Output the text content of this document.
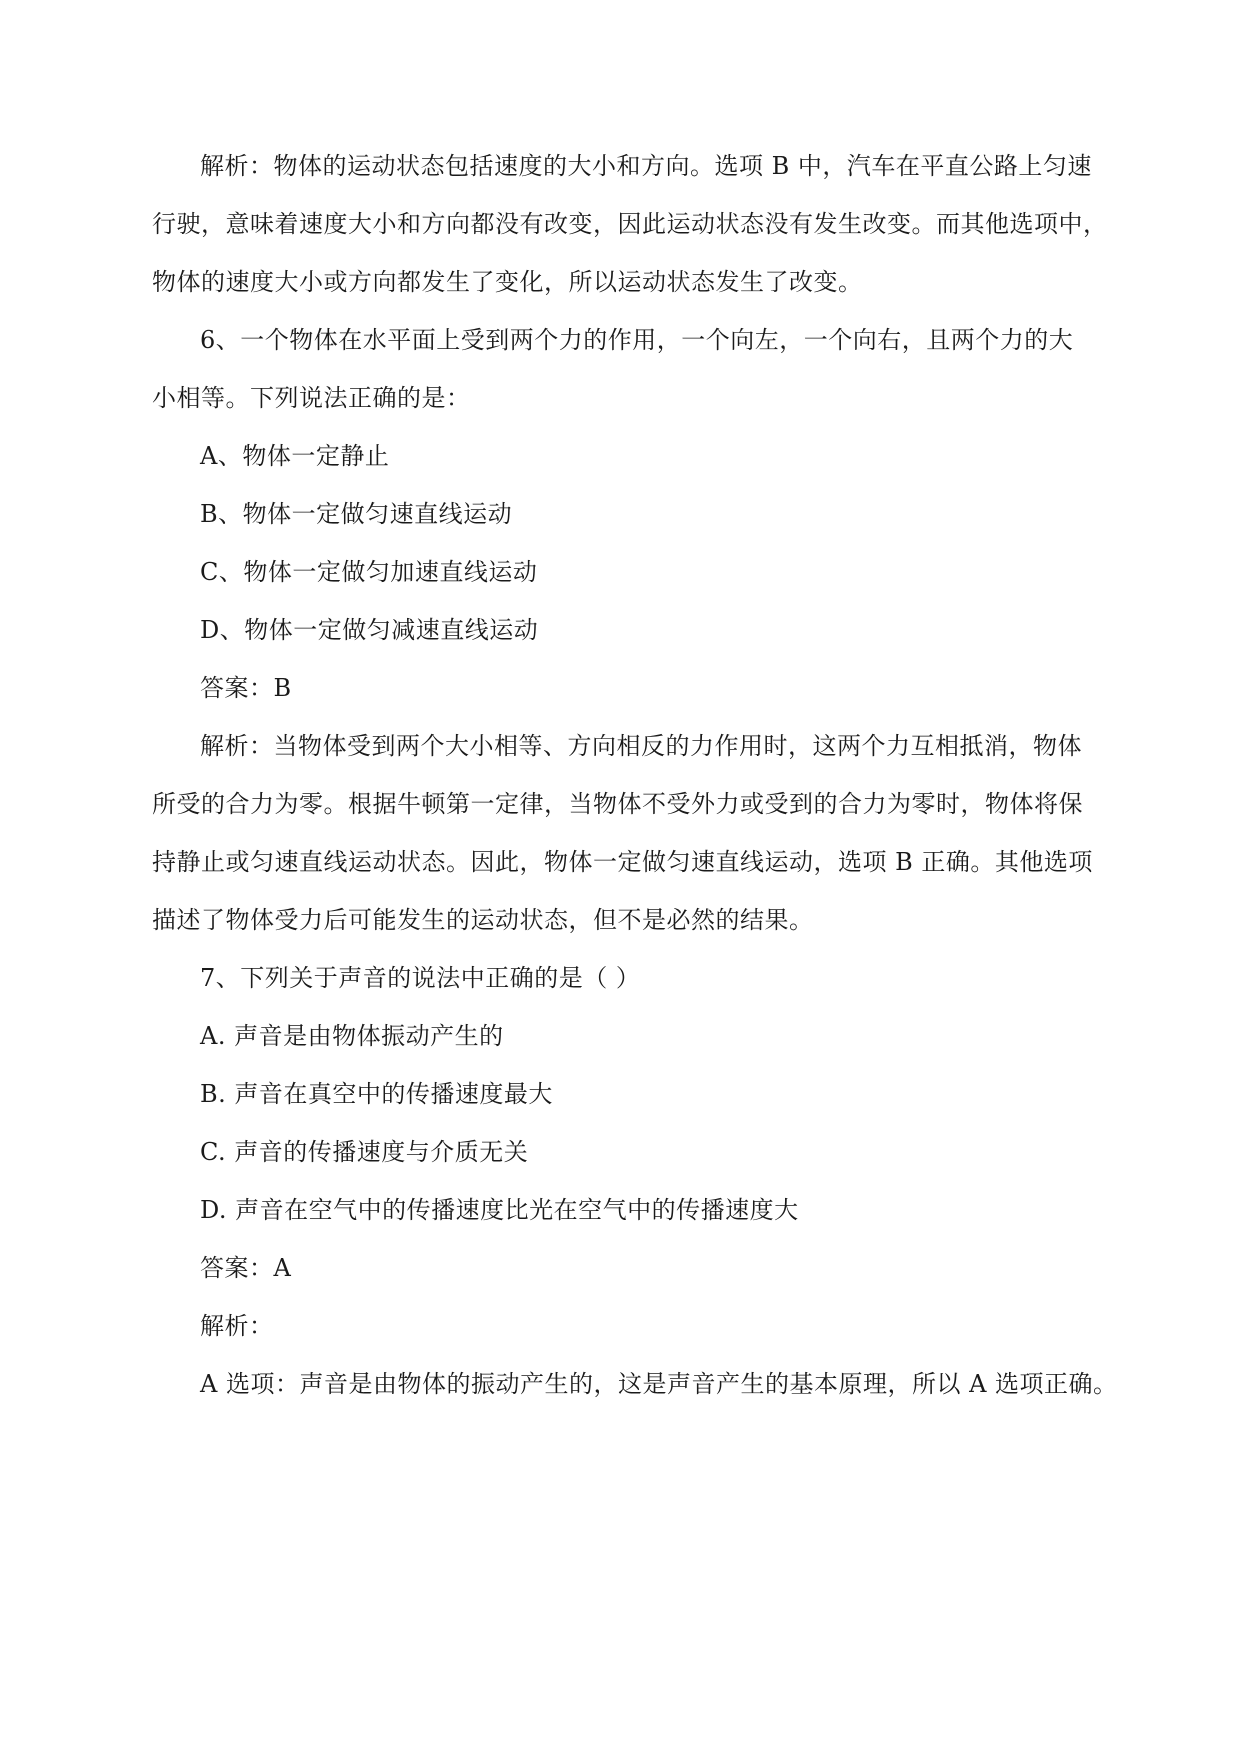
解析：物体的运动状态包括速度的大小和方向。选项 B 中，汽车在平直公路上匀速
行驶，意味着速度大小和方向都没有改变，因此运动状态没有发生改变。而其他选项中，
物体的速度大小或方向都发生了变化，所以运动状态发生了改变。
6、一个物体在水平面上受到两个力的作用，一个向左，一个向右，且两个力的大
小相等。下列说法正确的是：
A、物体一定静止
B、物体一定做匀速直线运动
C、物体一定做匀加速直线运动
D、物体一定做匀减速直线运动
答案：B
解析：当物体受到两个大小相等、方向相反的力作用时，这两个力互相抵消，物体
所受的合力为零。根据牛顿第一定律，当物体不受外力或受到的合力为零时，物体将保
持静止或匀速直线运动状态。因此，物体一定做匀速直线运动，选项 B 正确。其他选项
描述了物体受力后可能发生的运动状态，但不是必然的结果。
7、下列关于声音的说法中正确的是（ ）
A. 声音是由物体振动产生的
B. 声音在真空中的传播速度最大
C. 声音的传播速度与介质无关
D. 声音在空气中的传播速度比光在空气中的传播速度大
答案：A
解析：
A 选项：声音是由物体的振动产生的，这是声音产生的基本原理，所以 A 选项正确。
